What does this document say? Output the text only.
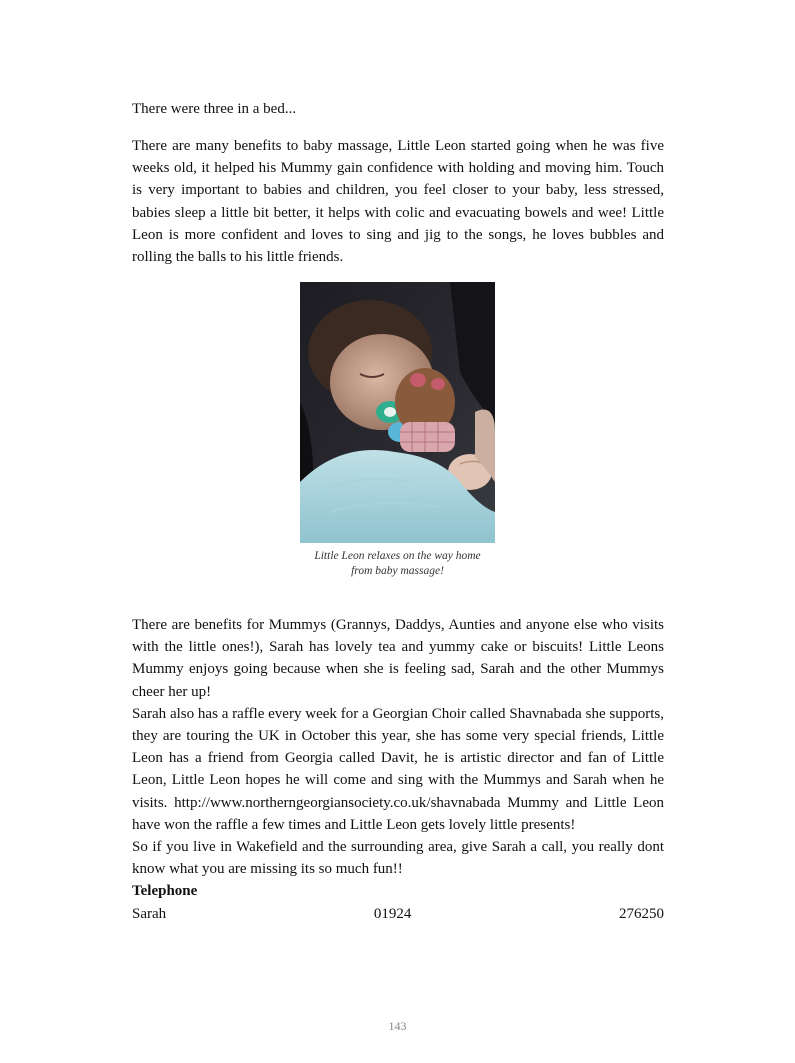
There were three in a bed...

There are many benefits to baby massage, Little Leon started going when he was five weeks old, it helped his Mummy gain confidence with holding and moving him. Touch is very important to babies and children, you feel closer to your baby, less stressed, babies sleep a little bit better, it helps with colic and evacuating bowels and wee! Little Leon is more confident and loves to sing and jig to the songs, he loves bubbles and rolling the balls to his little friends.

Little Leon relaxes on the way home
from baby massage!

There are benefits for Mummys (Grannys, Daddys, Aunties and anyone else who visits with the little ones!), Sarah has lovely tea and yummy cake or biscuits! Little Leons Mummy enjoys going because when she is feeling sad, Sarah and the other Mummys cheer her up!

Sarah also has a raffle every week for a Georgian Choir called Shavnabada she supports, they are touring the UK in October this year, she has some very special friends, Little Leon has a friend from Georgia called Davit, he is artistic director and fan of Little Leon, Little Leon hopes he will come and sing with the Mummys and Sarah when he visits. http://www.northerngeorgiansociety.co.uk/shavnabada Mummy and Little Leon have won the raffle a few times and Little Leon gets lovely little presents!

So if you live in Wakefield and the surrounding area, give Sarah a call, you really dont know what you are missing its so much fun!!

Telephone
Sarah	01924	276250
143
